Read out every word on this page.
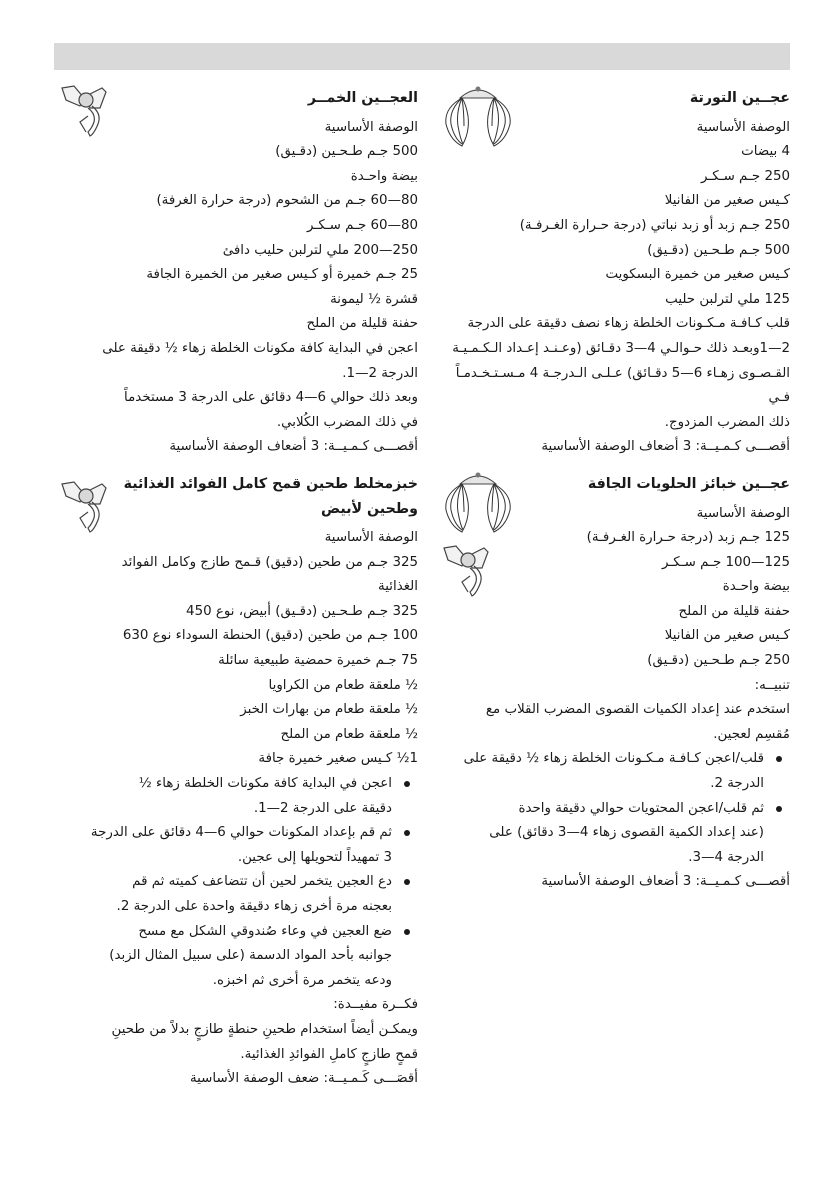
عجــين التورتة
الوصفة الأساسية
4 بيضات
250 جـم سـكـر
كـيس صغير من الفانيلا
250 جـم زبد أو زبد نباتي (درجة حـرارة الغـرفـة)
500 جـم طـحـين (دقـيق)
كـيس صغير من خميرة البسكويت
125 ملي لترلبن حليب
قلب كـافـة مـكـونات الخلطة زهاء نصف دقيقة على الدرجة
2—1وبعـد ذلك حـوالـي 4—3 دقـائق (وعـنـد إعـداد الـكـمـيـة
القـصـوى زهـاء 6—5 دقـائق) عـلـى الـدرجـة 4 مـسـتـخـدمـاً فـي
ذلك المضرب المزدوج.
أقصـــى كـمـيــة: 3 أضعاف الوصفة الأساسية
عجــين خبائز الحلويات الجافة
الوصفة الأساسية
125 جـم زبد (درجة حـرارة الغـرفـة)
125—100 جـم سـكـر
بيضة واحـدة
حفنة قليلة من الملح
كـيس صغير من الفانيلا
250 جـم طـحـين (دقـيق)
تنبيــه:
استخدم عند إعداد الكميات القصوى المضرب القلاب مع
مُقسِم لعجين.
قلب/اعجن كـافـة مـكـونات الخلطة زهاء ½ دقيقة على
الدرجة 2.
ثم قلب/اعجن المحتويات حوالي دقيقة واحدة
(عند إعداد الكمية القصوى زهاء 4—3 دقائق) على
الدرجة 4—3.
أقصـــى كـمـيــة: 3 أضعاف الوصفة الأساسية
العجــين الخمــر
الوصفة الأساسية
500 جـم طـحـين (دقـيق)
بيضة واحـدة
80—60 جـم من الشحوم (درجة حرارة الغرفة)
80—60 جـم سـكـر
250—200 ملي لترلبن حليب دافئ
25 جـم خميرة أو كـيس صغير من الخميرة الجافة
قشرة ½ ليمونة
حفنة قليلة من الملح
اعجن في البداية كافة مكونات الخلطة زهاء ½ دقيقة على
الدرجة 2—1.
وبعد ذلك حوالي 6—4 دقائق على الدرجة 3 مستخدماً
في ذلك المضرب الكُلابي.
أقصـــى كـمـيــة: 3 أضعاف الوصفة الأساسية
خبزمخلط طحين قمح كامل الفوائد الغذائية
وطحين لأبيض
الوصفة الأساسية
325 جـم من طحين (دقيق) قـمح طازج وكامل الفوائد
الغذائية
325 جـم طـحـين (دقـيق) أبيض، نوع 450
100 جـم من طحين (دقيق) الحنطة السوداء نوع 630
75 جـم خميرة حمضية طبيعية سائلة
½ ملعقة طعام من الكراويا
½ ملعقة طعام من بهارات الخبز
½ ملعقة طعام من الملح
1½ كـيس صغير خميرة جافة
اعجن في البداية كافة مكونات الخلطة زهاء ½
دقيقة على الدرجة 2—1.
ثم قم بإعداد المكونات حوالي 6—4 دقائق على الدرجة
3 تمهيداً لتحويلها إلى عجين.
دع العجين يتخمر لحين أن تتضاعف كميته ثم قم
بعجنه مرة أخرى زهاء دقيقة واحدة على الدرجة 2.
ضع العجين في وعاء صُندوقي الشكل مع مسح
جوانبه بأحد المواد الدسمة (على سبيل المثال الزبد)
ودعه يتخمر مرة أخرى ثم اخبزه.
فكــرة مفيــدة:
ويمكـن أيضاً استخدام طحينِ حنطةٍ طازجٍ بدلاً من طحينِ
قمحٍ طازجٍ كاملِ الفوائدِ الغذائية.
أقصَـــى كَـمـيــة: ضعف الوصفة الأساسية
